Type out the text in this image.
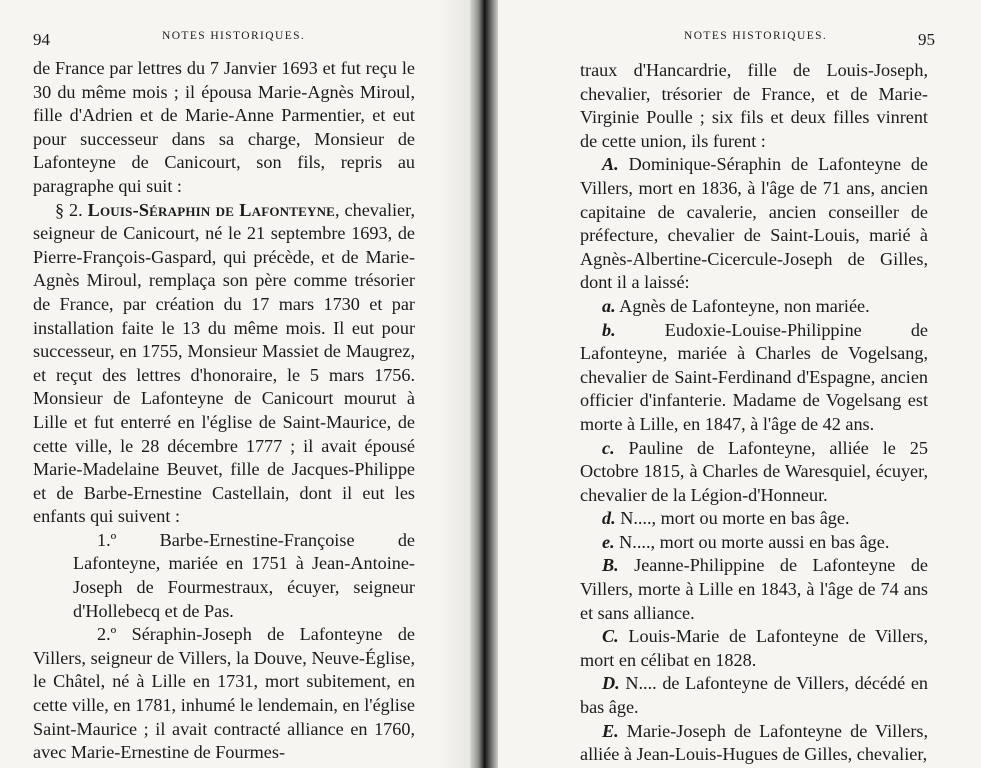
94	NOTES HISTORIQUES.

de France par lettres du 7 Janvier 1693 et fut reçu le 30 du même mois ; il épousa Marie-Agnès Miroul, fille d'Adrien et de Marie-Anne Parmentier, et eut pour successeur dans sa charge, Monsieur de Lafonteyne de Canicourt, son fils, repris au paragraphe qui suit :

§ 2. Louis-Séraphin de Lafonteyne, chevalier, seigneur de Canicourt, né le 21 septembre 1693, de Pierre-François-Gaspard, qui précède, et de Marie-Agnès Miroul, remplaça son père comme trésorier de France, par création du 17 mars 1730 et par installation faite le 13 du même mois. Il eut pour successeur, en 1755, Monsieur Massiet de Maugrez, et reçut des lettres d'honoraire, le 5 mars 1756. Monsieur de Lafonteyne de Canicourt mourut à Lille et fut enterré en l'église de Saint-Maurice, de cette ville, le 28 décembre 1777 ; il avait épousé Marie-Madelaine Beuvet, fille de Jacques-Philippe et de Barbe-Ernestine Castellain, dont il eut les enfants qui suivent :

1.º Barbe-Ernestine-Françoise de Lafonteyne, mariée en 1751 à Jean-Antoine-Joseph de Fourmestraux, écuyer, seigneur d'Hollebecq et de Pas.

2.º Séraphin-Joseph de Lafonteyne de Villers, seigneur de Villers, la Douve, Neuve-Église, le Châtel, né à Lille en 1731, mort subitement, en cette ville, en 1781, inhumé le lendemain, en l'église Saint-Maurice ; il avait contracté alliance en 1760, avec Marie-Ernestine de Fourmes-

NOTES HISTORIQUES.	95

traux d'Hancardrie, fille de Louis-Joseph, chevalier, trésorier de France, et de Marie-Virginie Poulle ; six fils et deux filles vinrent de cette union, ils furent :

A. Dominique-Séraphin de Lafonteyne de Villers, mort en 1836, à l'âge de 71 ans, ancien capitaine de cavalerie, ancien conseiller de préfecture, chevalier de Saint-Louis, marié à Agnès-Albertine-Cicercule-Joseph de Gilles, dont il a laissé:

a. Agnès de Lafonteyne, non mariée.

b. Eudoxie-Louise-Philippine de Lafonteyne, mariée à Charles de Vogelsang, chevalier de Saint-Ferdinand d'Espagne, ancien officier d'infanterie. Madame de Vogelsang est morte à Lille, en 1847, à l'âge de 42 ans.

c. Pauline de Lafonteyne, alliée le 25 Octobre 1815, à Charles de Waresquiel, écuyer, chevalier de la Légion-d'Honneur.

d. N...., mort ou morte en bas âge.

e. N...., mort ou morte aussi en bas âge.

B. Jeanne-Philippine de Lafonteyne de Villers, morte à Lille en 1843, à l'âge de 74 ans et sans alliance.

C. Louis-Marie de Lafonteyne de Villers, mort en célibat en 1828.

D. N.... de Lafonteyne de Villers, décédé en bas âge.

E. Marie-Joseph de Lafonteyne de Villers, alliée à Jean-Louis-Hugues de Gilles, chevalier,
